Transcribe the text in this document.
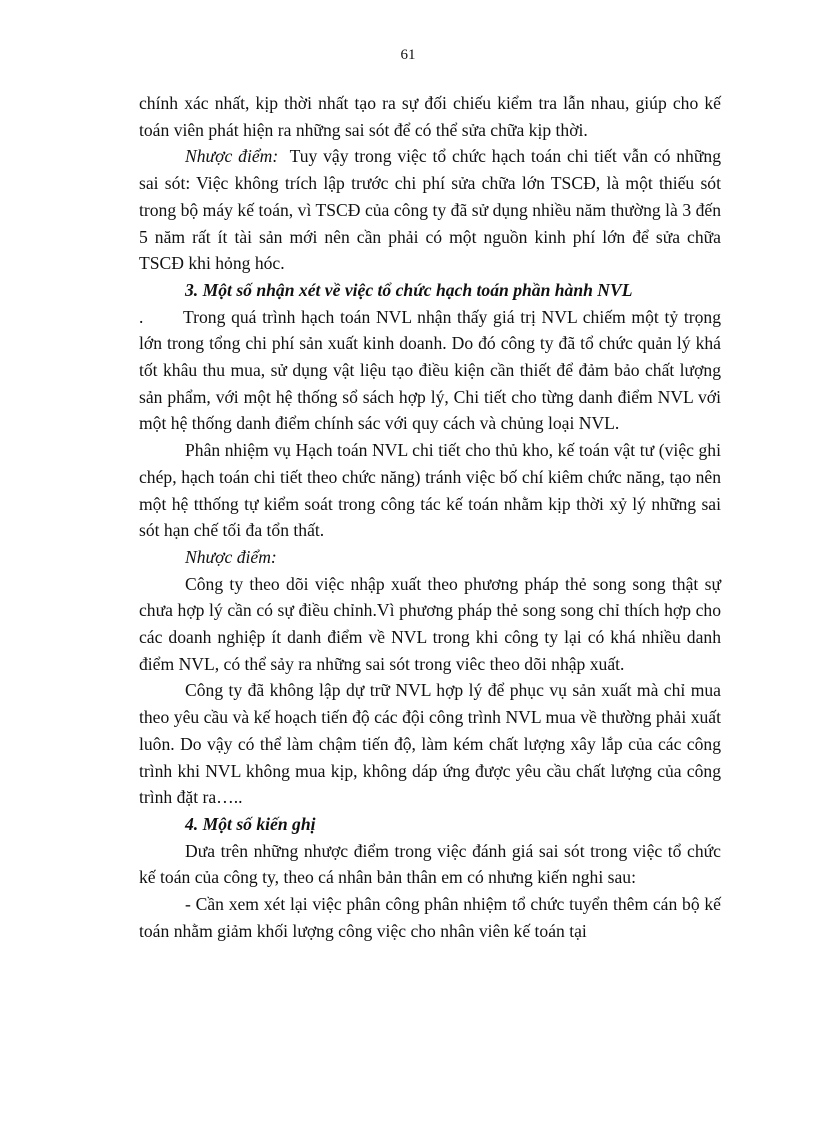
61

chính xác nhất, kịp thời nhất tạo ra sự đối chiếu kiểm tra lẫn nhau, giúp cho kế toán viên phát hiện ra những sai sót để có thể sửa chữa kịp thời.

Nhược điểm: Tuy vậy trong việc tổ chức hạch toán chi tiết vẫn có những sai sót: Việc không trích lập trước chi phí sửa chữa lớn TSCĐ, là một thiếu sót trong bộ máy kế toán, vì TSCĐ của công ty đã sử dụng nhiều năm thường là 3 đến 5 năm rất ít tài sản mới nên cần phải có một nguồn kinh phí lớn để sửa chữa TSCĐ khi hỏng hóc.

3. Một số nhận xét về việc tổ chức hạch toán phần hành NVL

. Trong quá trình hạch toán NVL nhận thấy giá trị NVL chiếm một tỷ trọng lớn trong tổng chi phí sản xuất kinh doanh. Do đó công ty đã tổ chức quản lý khá tốt khâu thu mua, sử dụng vật liệu tạo điều kiện cần thiết để đảm bảo chất lượng sản phẩm, với một hệ thống sổ sách hợp lý, Chi tiết cho từng danh điểm NVL với một hệ thống danh điểm chính sác với quy cách và chủng loại NVL.

Phân nhiệm vụ Hạch toán NVL chi tiết cho thủ kho, kế toán vật tư (việc ghi chép, hạch toán chi tiết theo chức năng) tránh việc bố chí kiêm chức năng, tạo nên một hệ tthống tự kiểm soát trong công tác kế toán nhằm kịp thời xỷ lý những sai sót hạn chế tối đa tổn thất.

Nhược điểm:

Công ty theo dõi việc nhập xuất theo phương pháp thẻ song song thật sự chưa hợp lý cần có sự điều chỉnh.Vì phương pháp thẻ song song chỉ thích hợp cho các doanh nghiệp ít danh điểm về NVL trong khi công ty lại có khá nhiều danh điểm NVL, có thể sảy ra những sai sót trong viêc theo dõi nhập xuất.

Công ty đã không lập dự trữ NVL hợp lý để phục vụ sản xuất mà chỉ mua theo yêu cầu và kế hoạch tiến độ các đội công trình NVL mua về thường phải xuất luôn. Do vậy có thể làm chậm tiến độ, làm kém chất lượng xây lắp của các công trình khi NVL không mua kịp, không dáp ứng được yêu cầu chất lượng của công trình đặt ra…..

4. Một số kiến ghị

Dưa trên những nhược điểm trong việc đánh giá sai sót trong việc tổ chức kế toán của công ty, theo cá nhân bản thân em có nhưng kiến nghi sau:

- Cần xem xét lại việc phân công phân nhiệm tổ chức tuyển thêm cán bộ kế toán nhằm giảm khối lượng công việc cho nhân viên kế toán tại
